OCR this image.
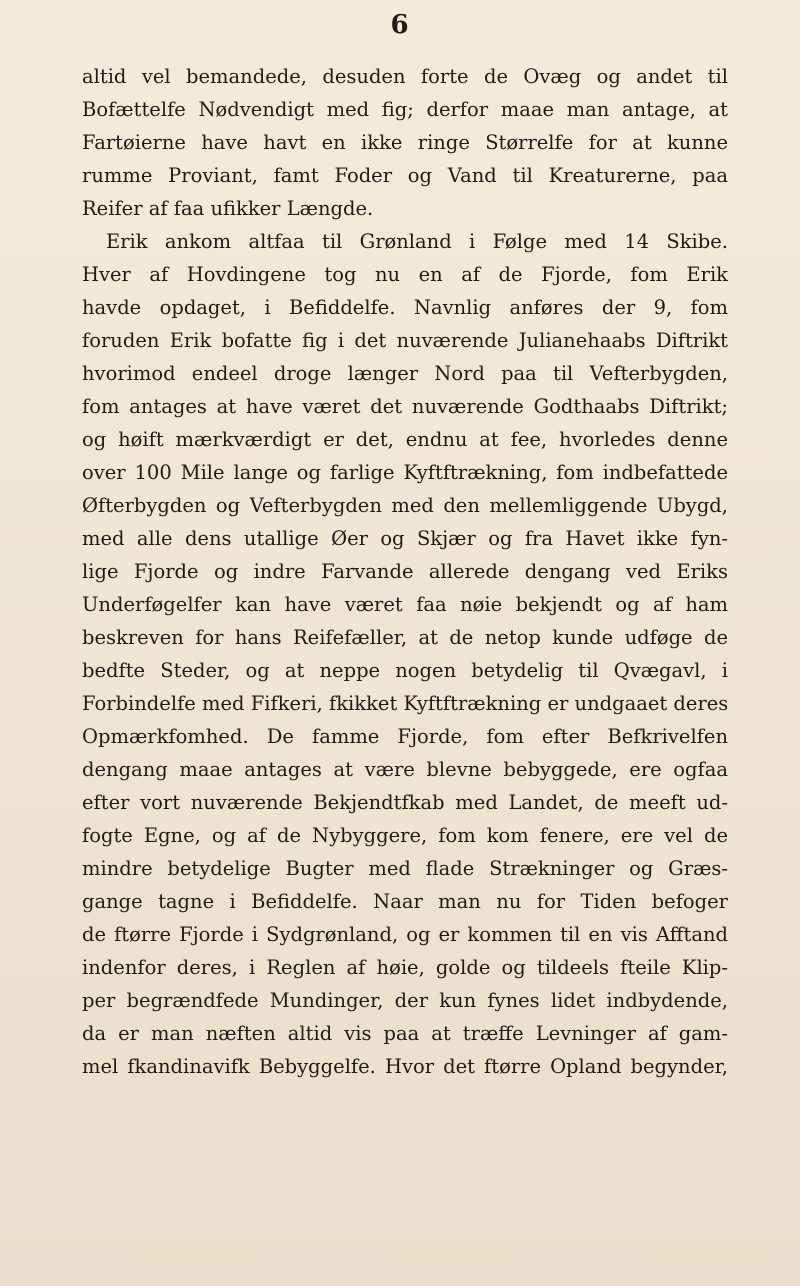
6
altid vel bemandede, desuden forte de Ovæg og andet til
Bofættelfe Nødvendigt med fig; derfor maae man antage, at
Fartøierne have havt en ikke ringe Størrelfe for at kunne
rumme Proviant, famt Foder og Vand til Kreaturerne, paa
Reifer af faa ufikker Længde.
Erik ankom altfaa til Grønland i Følge med 14 Skibe.
Hver af Hovdingene tog nu en af de Fjorde, fom Erik
havde opdaget, i Befiddelfe. Navnlig anføres der 9, fom
foruden Erik bofatte fig i det nuværende Julianehaabs Diftrikt
hvorimod endeel droge længer Nord paa til Vefterbygden,
fom antages at have været det nuværende Godthaabs Diftrikt;
og høift mærkværdigt er det, endnu at fee, hvorledes denne
over 100 Mile lange og farlige Kyftftrækning, fom indbefattede
Øfterbygden og Vefterbygden med den mellemliggende Ubygd,
med alle dens utallige Øer og Skjær og fra Havet ikke fyn-
lige Fjorde og indre Farvande allerede dengang ved Eriks
Underføgelfer kan have været faa nøie bekjendt og af ham
beskreven for hans Reifefæller, at de netop kunde udføge de
bedfte Steder, og at neppe nogen betydelig til Qvægavl, i
Forbindelfe med Fifkeri, fkikket Kyftftrækning er undgaaet deres
Opmærkfomhed. De famme Fjorde, fom efter Befkrivelfen
dengang maae antages at være blevne bebyggede, ere ogfaa
efter vort nuværende Bekjendtfkab med Landet, de meeft ud-
fogte Egne, og af de Nybyggere, fom kom fenere, ere vel de
mindre betydelige Bugter med flade Strækninger og Græs-
gange tagne i Befiddelfe. Naar man nu for Tiden befoger
de ftørre Fjorde i Sydgrønland, og er kommen til en vis Afftand
indenfor deres, i Reglen af høie, golde og tildeels fteile Klip-
per begrændfede Mundinger, der kun fynes lidet indbydende,
da er man næften altid vis paa at træffe Levninger af gam-
mel fkandinavifk Bebyggelfe. Hvor det ftørre Opland begynder,
